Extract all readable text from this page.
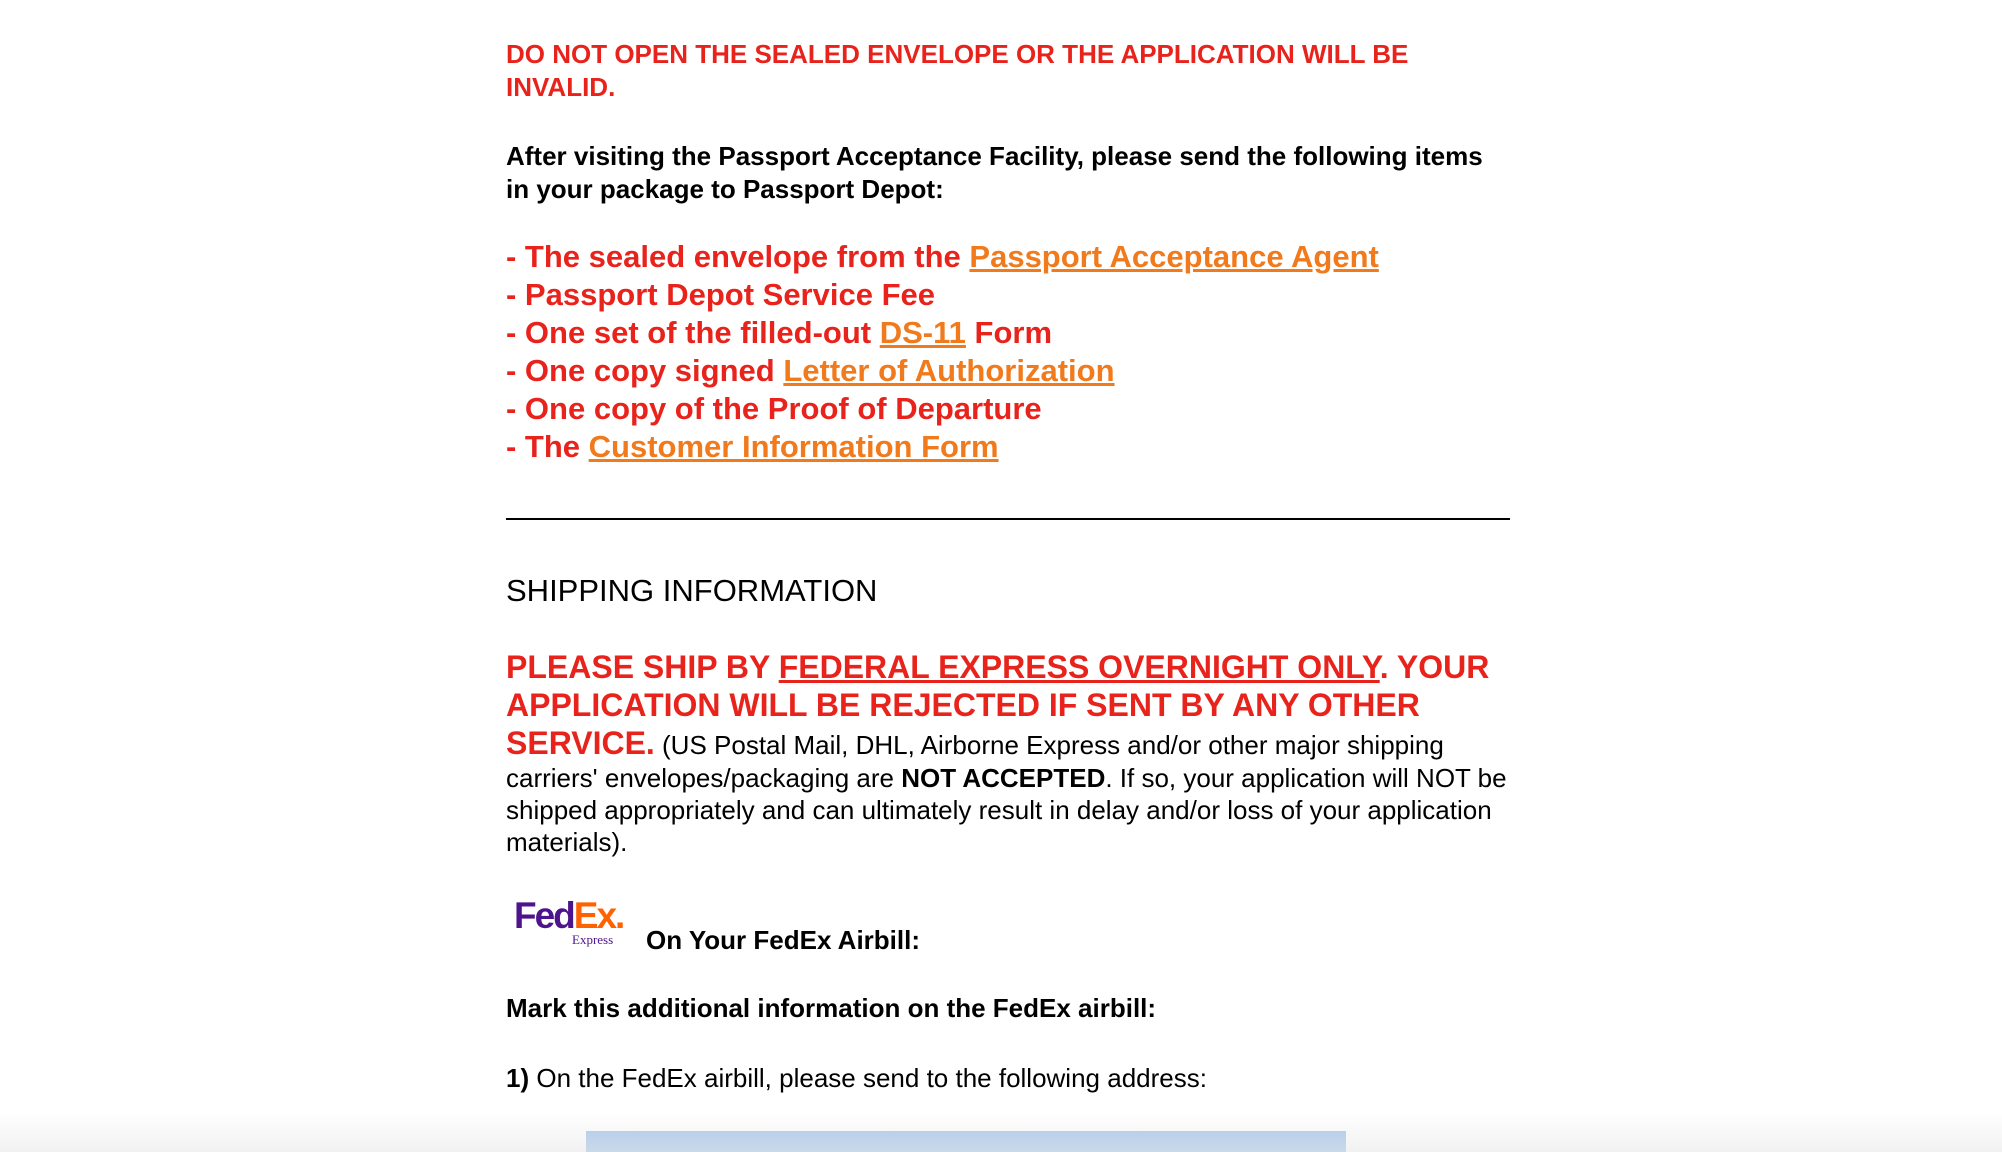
DO NOT OPEN THE SEALED ENVELOPE OR THE APPLICATION WILL BE
INVALID.

After visiting the Passport Acceptance Facility, please send the following items
in your package to Passport Depot:

- The sealed envelope from the Passport Acceptance Agent
- Passport Depot Service Fee
- One set of the filled-out DS-11 Form
- One copy signed Letter of Authorization
- One copy of the Proof of Departure
- The Customer Information Form
SHIPPING INFORMATION

PLEASE SHIP BY FEDERAL EXPRESS OVERNIGHT ONLY. YOUR APPLICATION WILL BE REJECTED IF SENT BY ANY OTHER SERVICE. (US Postal Mail, DHL, Airborne Express and/or other major shipping carriers' envelopes/packaging are NOT ACCEPTED. If so, your application will NOT be shipped appropriately and can ultimately result in delay and/or loss of your application materials).

FedEx.
Express On Your FedEx Airbill:

Mark this additional information on the FedEx airbill:

1) On the FedEx airbill, please send to the following address:
